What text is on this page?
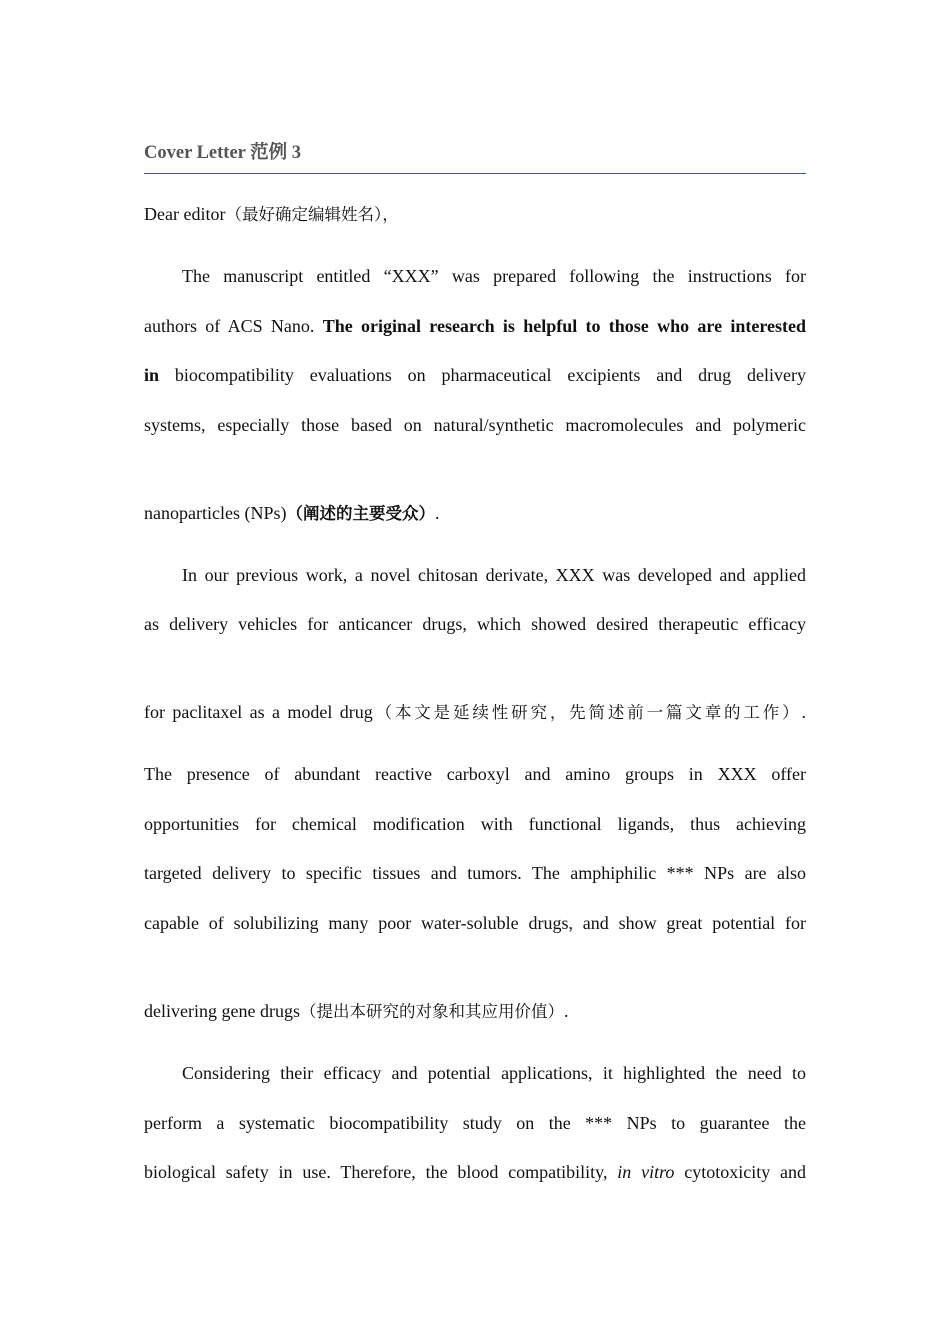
Cover Letter 范例 3
Dear editor（最好确定编辑姓名），
The manuscript entitled “XXX” was prepared following the instructions for
authors of ACS Nano. The original research is helpful to those who are interested
in biocompatibility evaluations on pharmaceutical excipients and drug delivery
systems, especially those based on natural/synthetic macromolecules and polymeric
nanoparticles (NPs)（阐述的主要受众）.
In our previous work, a novel chitosan derivate, XXX was developed and applied
as delivery vehicles for anticancer drugs, which showed desired therapeutic efficacy
for paclitaxel as a model drug（本文是延续性研究，先简述前一篇文章的工作）.
The presence of abundant reactive carboxyl and amino groups in XXX offer
opportunities for chemical modification with functional ligands, thus achieving
targeted delivery to specific tissues and tumors. The amphiphilic *** NPs are also
capable of solubilizing many poor water-soluble drugs, and show great potential for
delivering gene drugs（提出本研究的对象和其应用价值）.
Considering their efficacy and potential applications, it highlighted the need to
perform a systematic biocompatibility study on the *** NPs to guarantee the
biological safety in use. Therefore, the blood compatibility, in vitro cytotoxicity and
